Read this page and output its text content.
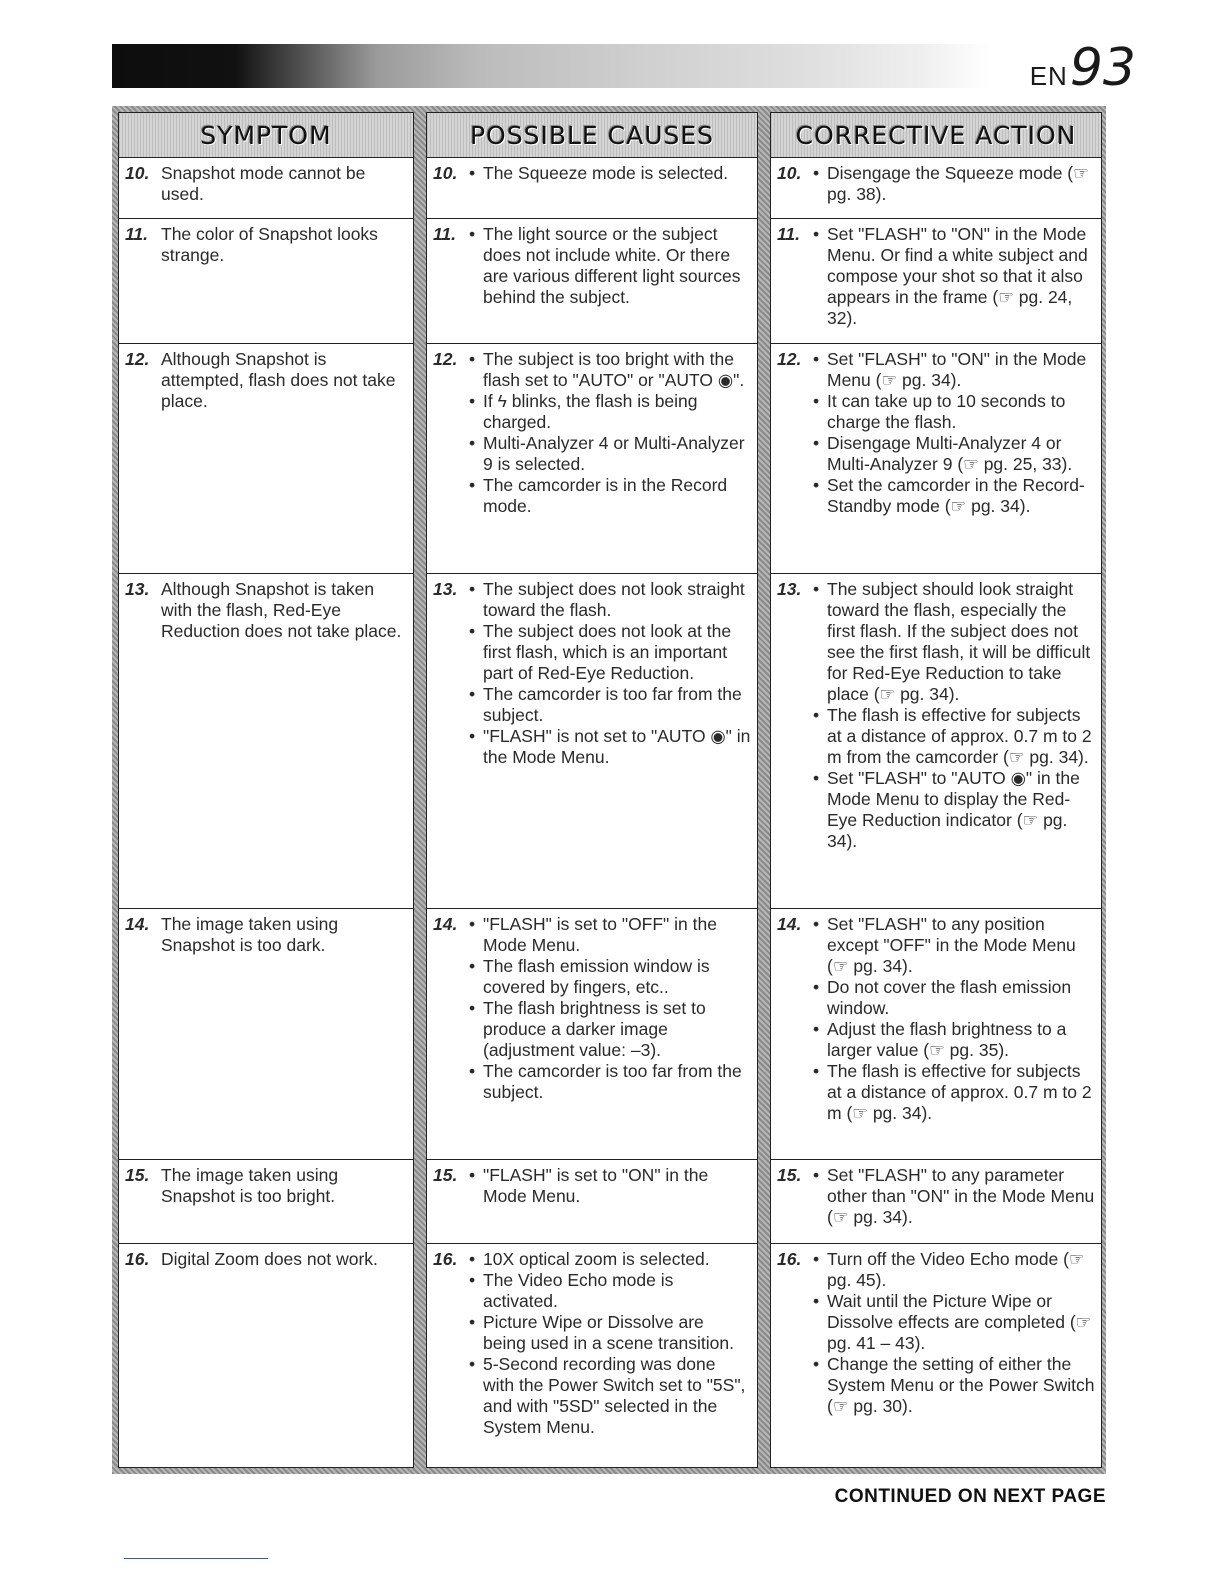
EN 93
SYMPTOM
10. Snapshot mode cannot be used.
11. The color of Snapshot looks strange.
12. Although Snapshot is attempted, flash does not take place.
13. Although Snapshot is taken with the flash, Red-Eye Reduction does not take place.
14. The image taken using Snapshot is too dark.
15. The image taken using Snapshot is too bright.
16. Digital Zoom does not work.
POSSIBLE CAUSES
10. • The Squeeze mode is selected.
11. • The light source or the subject does not include white. Or there are various different light sources behind the subject.
12. • The subject is too bright with the flash set to "AUTO" or "AUTO ◉".
• If ϟ blinks, the flash is being charged.
• Multi-Analyzer 4 or Multi-Analyzer 9 is selected.
• The camcorder is in the Record mode.
13. • The subject does not look straight toward the flash.
• The subject does not look at the first flash, which is an important part of Red-Eye Reduction.
• The camcorder is too far from the subject.
• "FLASH" is not set to "AUTO ◉" in the Mode Menu.
14. • "FLASH" is set to "OFF" in the Mode Menu.
• The flash emission window is covered by fingers, etc..
• The flash brightness is set to produce a darker image (adjustment value: –3).
• The camcorder is too far from the subject.
15. • "FLASH" is set to "ON" in the Mode Menu.
16. • 10X optical zoom is selected.
• The Video Echo mode is activated.
• Picture Wipe or Dissolve are being used in a scene transition.
• 5-Second recording was done with the Power Switch set to "5S", and with "5SD" selected in the System Menu.
CORRECTIVE ACTION
10. • Disengage the Squeeze mode (☞ pg. 38).
11. • Set "FLASH" to "ON" in the Mode Menu. Or find a white subject and compose your shot so that it also appears in the frame (☞ pg. 24, 32).
12. • Set "FLASH" to "ON" in the Mode Menu (☞ pg. 34).
• It can take up to 10 seconds to charge the flash.
• Disengage Multi-Analyzer 4 or Multi-Analyzer 9 (☞ pg. 25, 33).
• Set the camcorder in the Record-Standby mode (☞ pg. 34).
13. • The subject should look straight toward the flash, especially the first flash. If the subject does not see the first flash, it will be difficult for Red-Eye Reduction to take place (☞ pg. 34).
• The flash is effective for subjects at a distance of approx. 0.7 m to 2 m from the camcorder (☞ pg. 34).
• Set "FLASH" to "AUTO ◉" in the Mode Menu to display the Red-Eye Reduction indicator (☞ pg. 34).
14. • Set "FLASH" to any position except "OFF" in the Mode Menu (☞ pg. 34).
• Do not cover the flash emission window.
• Adjust the flash brightness to a larger value (☞ pg. 35).
• The flash is effective for subjects at a distance of approx. 0.7 m to 2 m (☞ pg. 34).
15. • Set "FLASH" to any parameter other than "ON" in the Mode Menu (☞ pg. 34).
16. • Turn off the Video Echo mode (☞ pg. 45).
• Wait until the Picture Wipe or Dissolve effects are completed (☞ pg. 41 – 43).
• Change the setting of either the System Menu or the Power Switch (☞ pg. 30).
CONTINUED ON NEXT PAGE
